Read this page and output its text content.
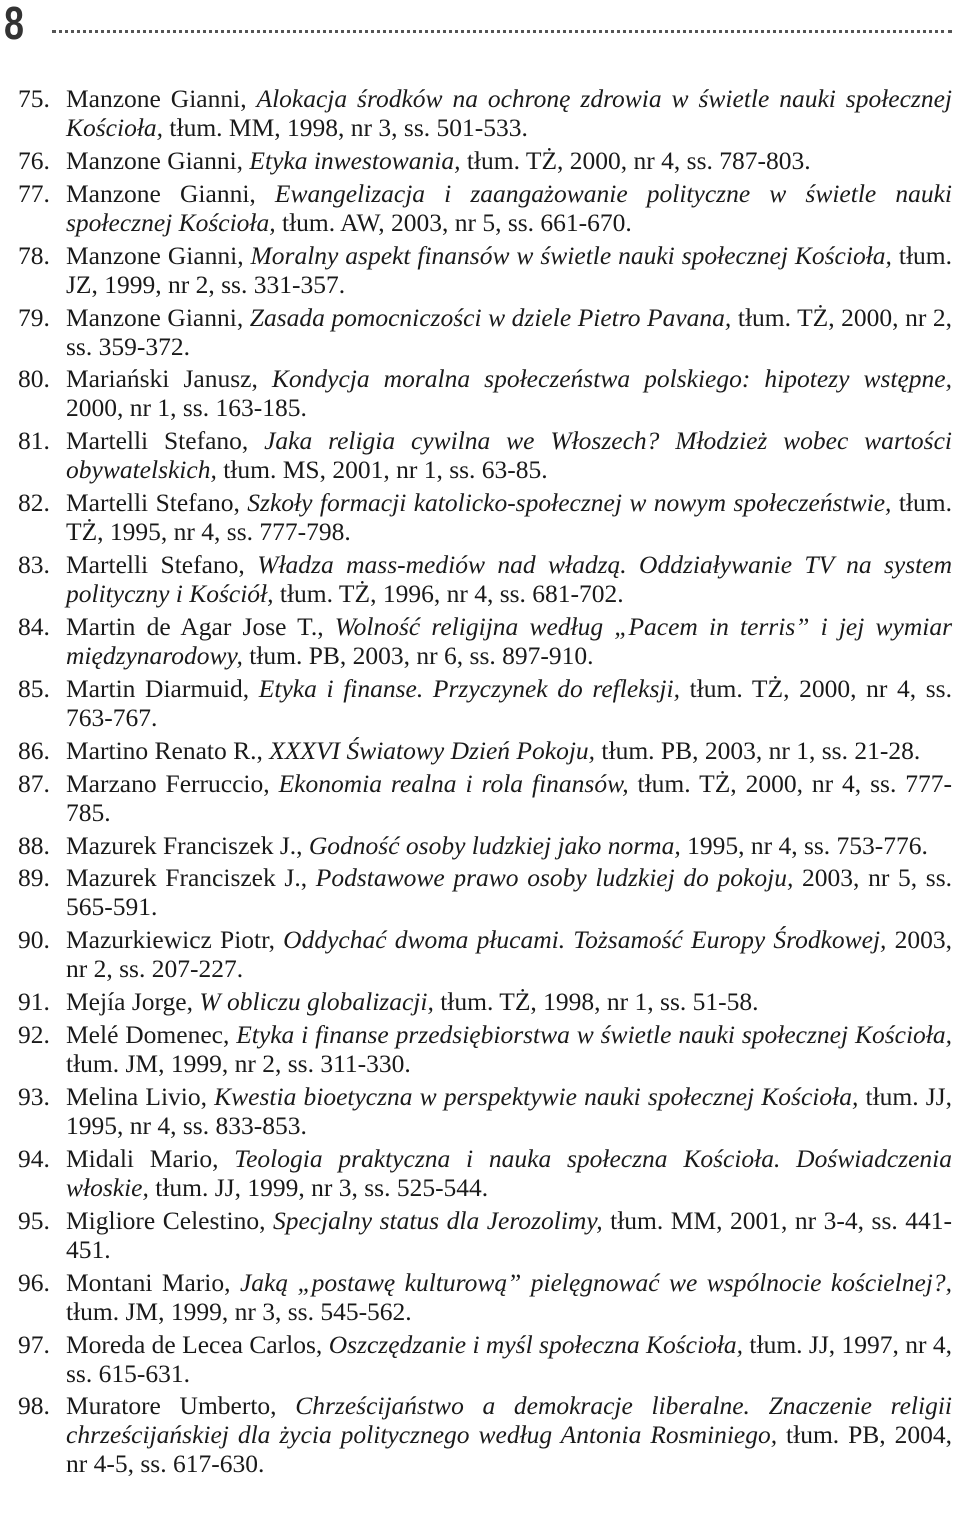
8
75. Manzone Gianni, Alokacja środków na ochronę zdrowia w świetle nauki społecznej Kościoła, tłum. MM, 1998, nr 3, ss. 501-533.
76. Manzone Gianni, Etyka inwestowania, tłum. TŻ, 2000, nr 4, ss. 787-803.
77. Manzone Gianni, Ewangelizacja i zaangażowanie polityczne w świetle nauki społecznej Kościoła, tłum. AW, 2003, nr 5, ss. 661-670.
78. Manzone Gianni, Moralny aspekt finansów w świetle nauki społecznej Kościoła, tłum. JZ, 1999, nr 2, ss. 331-357.
79. Manzone Gianni, Zasada pomocniczości w dziele Pietro Pavana, tłum. TŻ, 2000, nr 2, ss. 359-372.
80. Mariański Janusz, Kondycja moralna społeczeństwa polskiego: hipotezy wstępne, 2000, nr 1, ss. 163-185.
81. Martelli Stefano, Jaka religia cywilna we Włoszech? Młodzież wobec wartości obywatelskich, tłum. MS, 2001, nr 1, ss. 63-85.
82. Martelli Stefano, Szkoły formacji katolicko-społecznej w nowym społeczeństwie, tłum. TŻ, 1995, nr 4, ss. 777-798.
83. Martelli Stefano, Władza mass-mediów nad władzą. Oddziaływanie TV na system polityczny i Kościół, tłum. TŻ, 1996, nr 4, ss. 681-702.
84. Martin de Agar Jose T., Wolność religijna według „Pacem in terris” i jej wymiar międzynarodowy, tłum. PB, 2003, nr 6, ss. 897-910.
85. Martin Diarmuid, Etyka i finanse. Przyczynek do refleksji, tłum. TŻ, 2000, nr 4, ss. 763-767.
86. Martino Renato R., XXXVI Światowy Dzień Pokoju, tłum. PB, 2003, nr 1, ss. 21-28.
87. Marzano Ferruccio, Ekonomia realna i rola finansów, tłum. TŻ, 2000, nr 4, ss. 777-785.
88. Mazurek Franciszek J., Godność osoby ludzkiej jako norma, 1995, nr 4, ss. 753-776.
89. Mazurek Franciszek J., Podstawowe prawo osoby ludzkiej do pokoju, 2003, nr 5, ss. 565-591.
90. Mazurkiewicz Piotr, Oddychać dwoma płucami. Tożsamość Europy Środkowej, 2003, nr 2, ss. 207-227.
91. Mejía Jorge, W obliczu globalizacji, tłum. TŻ, 1998, nr 1, ss. 51-58.
92. Melé Domenec, Etyka i finanse przedsiębiorstwa w świetle nauki społecznej Kościoła, tłum. JM, 1999, nr 2, ss. 311-330.
93. Melina Livio, Kwestia bioetyczna w perspektywie nauki społecznej Kościoła, tłum. JJ, 1995, nr 4, ss. 833-853.
94. Midali Mario, Teologia praktyczna i nauka społeczna Kościoła. Doświadczenia włoskie, tłum. JJ, 1999, nr 3, ss. 525-544.
95. Migliore Celestino, Specjalny status dla Jerozolimy, tłum. MM, 2001, nr 3-4, ss. 441-451.
96. Montani Mario, Jaką „postawę kulturową” pielęgnować we wspólnocie kościelnej?, tłum. JM, 1999, nr 3, ss. 545-562.
97. Moreda de Lecea Carlos, Oszczędzanie i myśl społeczna Kościoła, tłum. JJ, 1997, nr 4, ss. 615-631.
98. Muratore Umberto, Chrześcijaństwo a demokracje liberalne. Znaczenie religii chrześcijańskiej dla życia politycznego według Antonia Rosminiego, tłum. PB, 2004, nr 4-5, ss. 617-630.
